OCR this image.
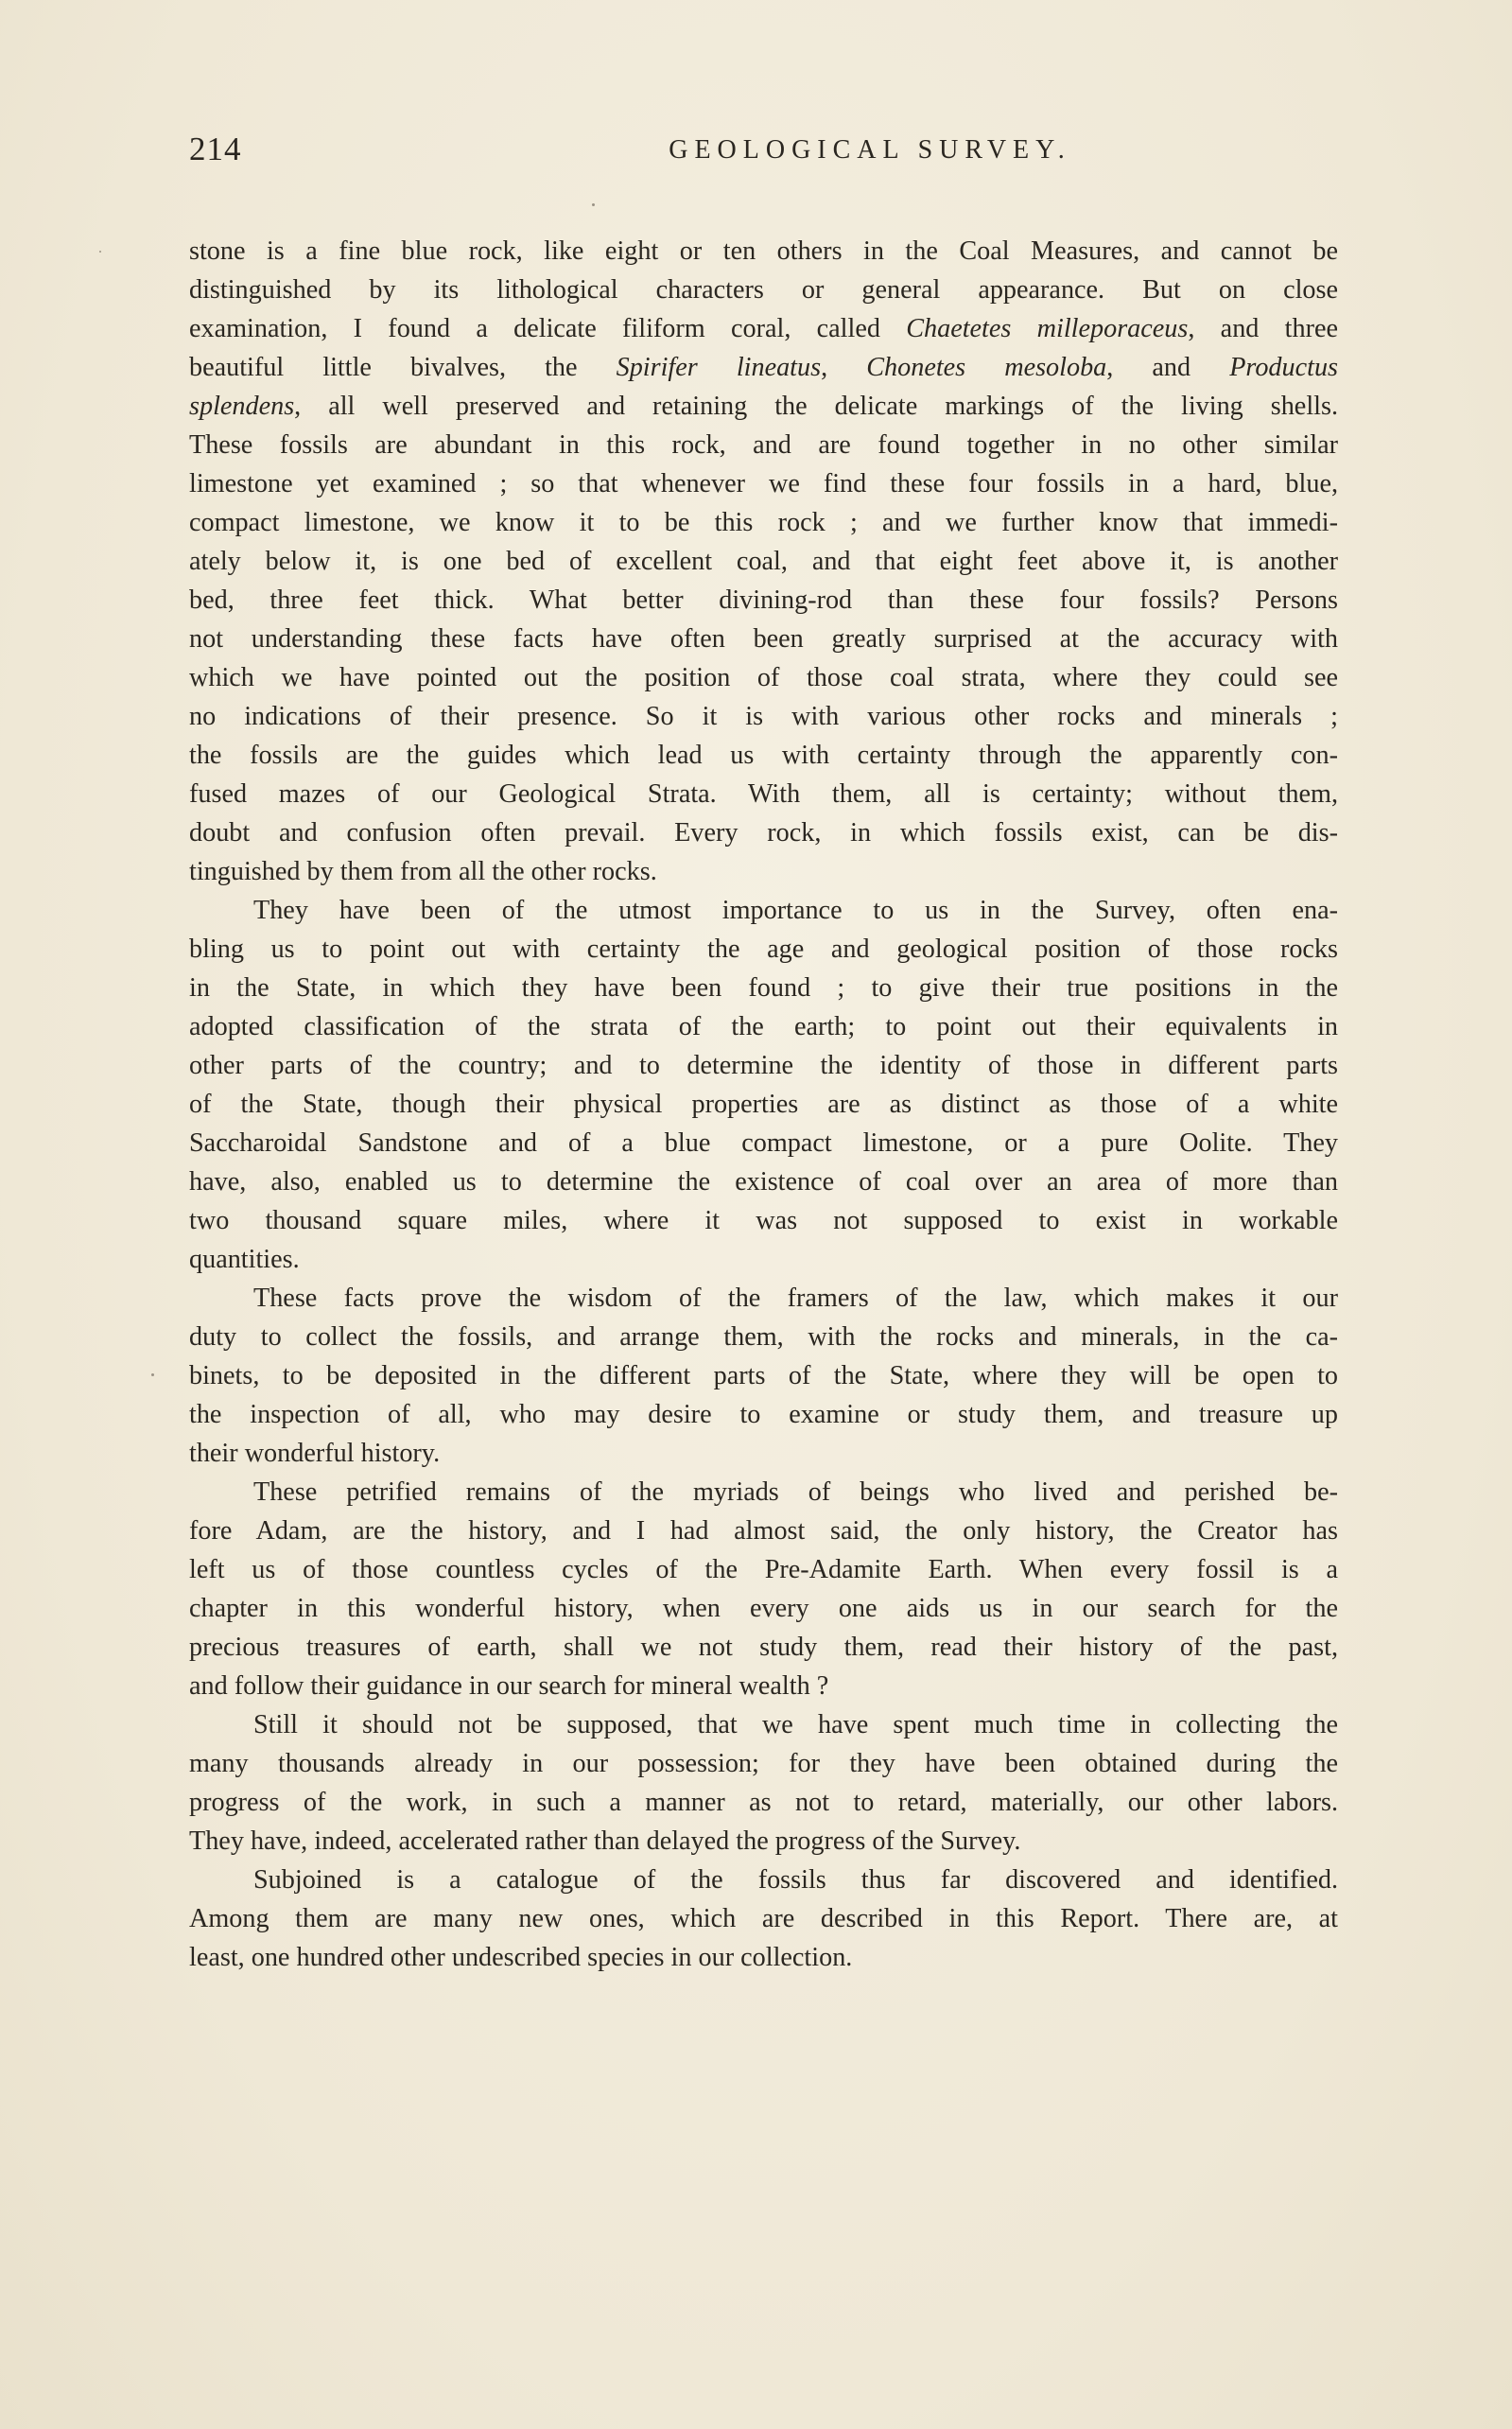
214	GEOLOGICAL SURVEY.

stone is a fine blue rock, like eight or ten others in the Coal Measures, and cannot be
distinguished by its lithological characters or general appearance. But on close
examination, I found a delicate filiform coral, called Chaetetes milleporaceus, and three
beautiful little bivalves, the Spirifer lineatus, Chonetes mesoloba, and Productus
splendens, all well preserved and retaining the delicate markings of the living shells.
These fossils are abundant in this rock, and are found together in no other similar
limestone yet examined ; so that whenever we find these four fossils in a hard, blue,
compact limestone, we know it to be this rock ; and we further know that immedi-
ately below it, is one bed of excellent coal, and that eight feet above it, is another
bed, three feet thick. What better divining-rod than these four fossils? Persons
not understanding these facts have often been greatly surprised at the accuracy with
which we have pointed out the position of those coal strata, where they could see
no indications of their presence. So it is with various other rocks and minerals ;
the fossils are the guides which lead us with certainty through the apparently con-
fused mazes of our Geological Strata. With them, all is certainty; without them,
doubt and confusion often prevail. Every rock, in which fossils exist, can be dis-
tinguished by them from all the other rocks.

They have been of the utmost importance to us in the Survey, often ena-
bling us to point out with certainty the age and geological position of those rocks
in the State, in which they have been found ; to give their true positions in the
adopted classification of the strata of the earth; to point out their equivalents in
other parts of the country; and to determine the identity of those in different parts
of the State, though their physical properties are as distinct as those of a white
Saccharoidal Sandstone and of a blue compact limestone, or a pure Oolite. They
have, also, enabled us to determine the existence of coal over an area of more than
two thousand square miles, where it was not supposed to exist in workable
quantities.

These facts prove the wisdom of the framers of the law, which makes it our
duty to collect the fossils, and arrange them, with the rocks and minerals, in the ca-
binets, to be deposited in the different parts of the State, where they will be open to
the inspection of all, who may desire to examine or study them, and treasure up
their wonderful history.

These petrified remains of the myriads of beings who lived and perished be-
fore Adam, are the history, and I had almost said, the only history, the Creator has
left us of those countless cycles of the Pre-Adamite Earth. When every fossil is a
chapter in this wonderful history, when every one aids us in our search for the
precious treasures of earth, shall we not study them, read their history of the past,
and follow their guidance in our search for mineral wealth ?

Still it should not be supposed, that we have spent much time in collecting the
many thousands already in our possession; for they have been obtained during the
progress of the work, in such a manner as not to retard, materially, our other labors.
They have, indeed, accelerated rather than delayed the progress of the Survey.

Subjoined is a catalogue of the fossils thus far discovered and identified.
Among them are many new ones, which are described in this Report. There are, at
least, one hundred other undescribed species in our collection.
